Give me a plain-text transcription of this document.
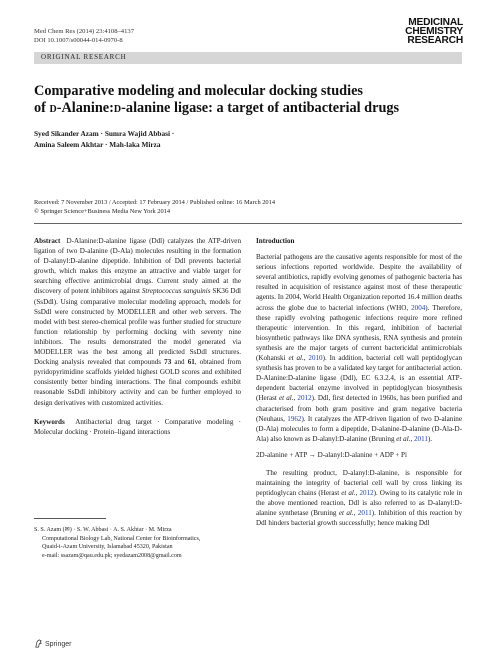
Med Chem Res (2014) 23:4108–4137
DOI 10.1007/s00044-014-0970-8
MEDICINAL
CHEMISTRY
RESEARCH
ORIGINAL RESEARCH
Comparative modeling and molecular docking studies
of d-Alanine:d-alanine ligase: a target of antibacterial drugs
Syed Sikander Azam · Sumra Wajid Abbasi ·
Amina Saleem Akhtar · Mah-laka Mirza
Received: 7 November 2013 / Accepted: 17 February 2014 / Published online: 16 March 2014
© Springer Science+Business Media New York 2014
Abstract D-Alanine:D-alanine ligase (Ddl) catalyzes the ATP-driven ligation of two D-alanine (D-Ala) molecules resulting in the formation of D-alanyl:D-alanine dipeptide. Inhibition of Ddl prevents bacterial growth, which makes this enzyme an attractive and viable target for searching effective antimicrobial drugs. Current study aimed at the discovery of potent inhibitors against Streptococcus sanguinis SK36 Ddl (SsDdl). Using comparative molecular modeling approach, models for SsDdl were constructed by MODELLER and other web servers. The model with best stereo-chemical profile was further studied for structure function relationship by performing docking with seventy nine inhibitors. The results demonstrated the model generated via MODELLER was the best among all predicted SsDdl structures. Docking analysis revealed that compounds 73 and 61, obtained from pyridopyrimidine scaffolds yielded highest GOLD scores and exhibited consistently better binding interactions. The final compounds exhibit reasonable SsDdl inhibitory activity and can be further employed to design derivatives with customized activities.
Keywords Antibacterial drug target · Comparative modeling · Molecular docking · Protein–ligand interactions
S. S. Azam (✉) · S. W. Abbasi · A. S. Akhtar · M. Mirza
Computational Biology Lab, National Center for Bioinformatics,
Quaid-i-Azam University, Islamabad 45320, Pakistan
e-mail: ssazam@qau.edu.pk; syedazam2008@gmail.com
Introduction
Bacterial pathogens are the causative agents responsible for most of the serious infections reported worldwide. Despite the availability of several antibiotics, rapidly evolving genomes of pathogenic bacteria has resulted in acquisition of resistance against most of these therapeutic agents. In 2004, World Health Organization reported 16.4 million deaths across the globe due to bacterial infections (WHO, 2004). Therefore, these rapidly evolving pathogenic infections require more refined therapeutic intervention. In this regard, inhibition of bacterial biosynthetic pathways like DNA synthesis, RNA synthesis and protein synthesis are the major targets of current bactericidal antimicrobials (Kohanski et al., 2010). In addition, bacterial cell wall peptidoglycan synthesis has proven to be a validated key target for antibacterial action. D-Alanine:D-alanine ligase (Ddl), EC 6.3.2.4, is an essential ATP-dependent bacterial enzyme involved in peptidoglycan biosynthesis (Herast et al., 2012). Ddl, first detected in 1960s, has been purified and characterised from both gram positive and gram negative bacteria (Neuhaus, 1962). It catalyzes the ATP-driven ligation of two D-alanine (D-Ala) molecules to form a dipeptide, D-alanine-D-alanine (D-Ala-D-Ala) also known as D-alanyl:D-alanine (Bruning et al., 2011).
2D-alanine + ATP → D-alanyl:D-alanine + ADP + Pi
The resulting product, D-alanyl:D-alanine, is responsible for maintaining the integrity of bacterial cell wall by cross linking its peptidoglycan chains (Herast et al., 2012). Owing to its catalytic role in the above mentioned reaction, Ddl is also referred to as D-alanyl:D-alanine synthetase (Bruning et al., 2011). Inhibition of this reaction by Ddl hinders bacterial growth successfully; hence making Ddl
Springer
